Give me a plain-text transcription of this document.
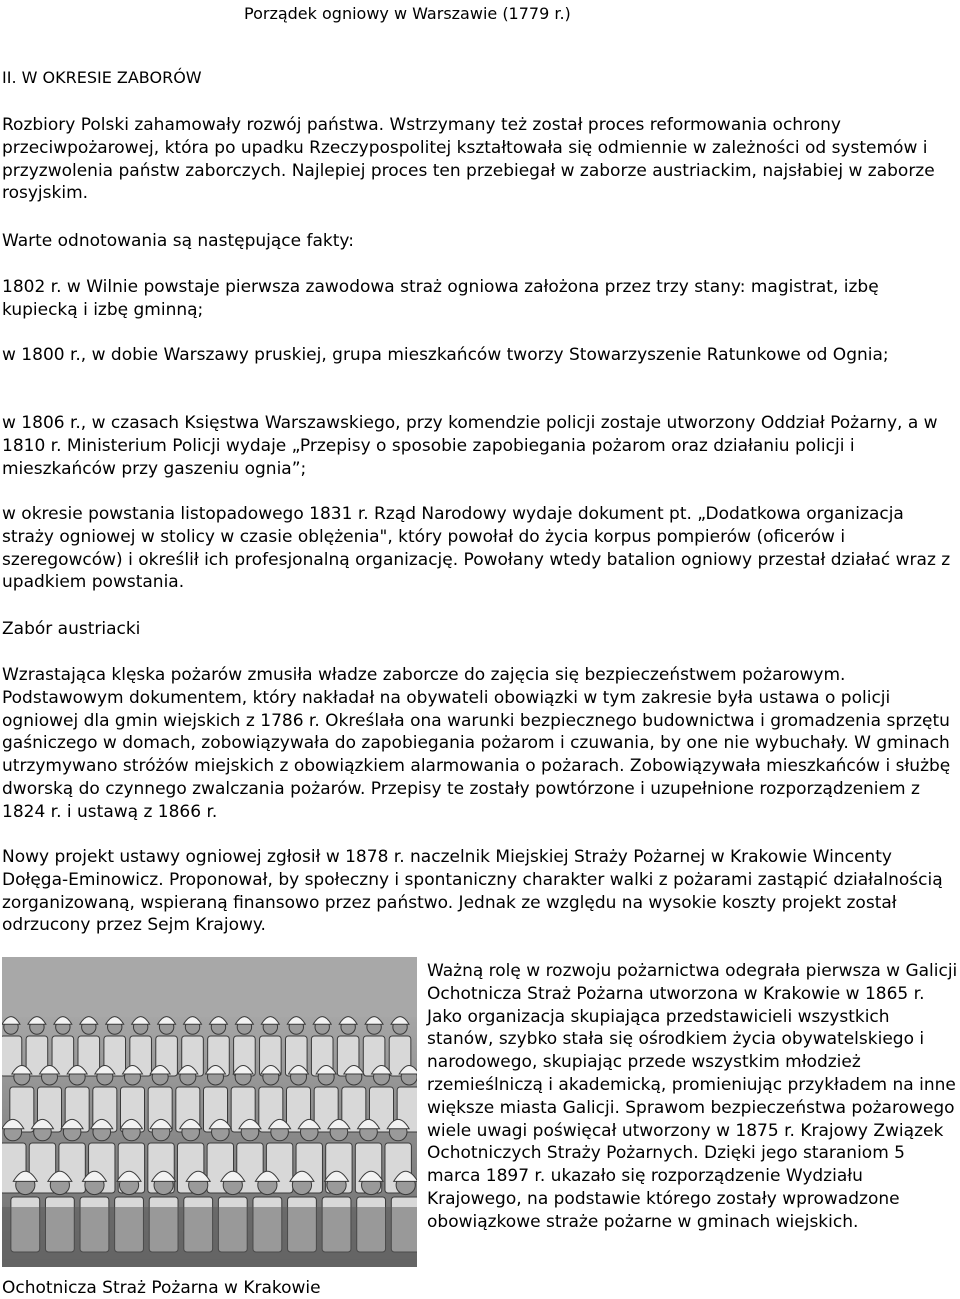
Porządek ogniowy w Warszawie (1779 r.)
II. W OKRESIE ZABORÓW
Rozbiory Polski zahamowały rozwój państwa. Wstrzymany też został proces reformowania ochrony przeciwpożarowej, która po upadku Rzeczypospolitej kształtowała się odmiennie w zależności od systemów i przyzwolenia państw zaborczych. Najlepiej proces ten przebiegał w zaborze austriackim, najsłabiej w zaborze rosyjskim.
Warte odnotowania są następujące fakty:
1802 r. w Wilnie powstaje pierwsza zawodowa straż ogniowa założona przez trzy stany: magistrat, izbę kupiecką i izbę gminną;
w 1800 r., w dobie Warszawy pruskiej, grupa mieszkańców tworzy Stowarzyszenie Ratunkowe od Ognia;
w 1806 r., w czasach Księstwa Warszawskiego, przy komendzie policji zostaje utworzony Oddział Pożarny, a w 1810 r. Ministerium Policji wydaje „Przepisy o sposobie zapobiegania pożarom oraz działaniu policji i mieszkańców przy gaszeniu ognia”;
w okresie powstania listopadowego 1831 r. Rząd Narodowy wydaje dokument pt. „Dodatkowa organizacja straży ogniowej w stolicy w czasie oblężenia", który powołał do życia korpus pompierów (oficerów i szeregowców) i określił ich profesjonalną organizację. Powołany wtedy batalion ogniowy przestał działać wraz z upadkiem powstania.
Zabór austriacki
Wzrastająca klęska pożarów zmusiła władze zaborcze do zajęcia się bezpieczeństwem pożarowym. Podstawowym dokumentem, który nakładał na obywateli obowiązki w tym zakresie była ustawa o policji ogniowej dla gmin wiejskich z 1786 r. Określała ona warunki bezpiecznego budownictwa i gromadzenia sprzętu gaśniczego w domach, zobowiązywała do zapobiegania pożarom i czuwania, by one nie wybuchały. W gminach utrzymywano stróżów miejskich z obowiązkiem alarmowania o pożarach. Zobowiązywała mieszkańców i służbę dworską do czynnego zwalczania pożarów. Przepisy te zostały powtórzone i uzupełnione rozporządzeniem z 1824 r. i ustawą z 1866 r.
Nowy projekt ustawy ogniowej zgłosił w 1878 r. naczelnik Miejskiej Straży Pożarnej w Krakowie Wincenty Dołęga-Eminowicz. Proponował, by społeczny i spontaniczny charakter walki z pożarami zastąpić działalnością zorganizowaną, wspieraną finansowo przez państwo. Jednak ze względu na wysokie koszty projekt został odrzucony przez Sejm Krajowy.
Ważną rolę w rozwoju pożarnictwa odegrała pierwsza w Galicji Ochotnicza Straż Pożarna utworzona w Krakowie w 1865 r. Jako organizacja skupiająca przedstawicieli wszystkich stanów, szybko stała się ośrodkiem życia obywatelskiego i narodowego, skupiając przede wszystkim młodzież rzemieślniczą i akademicką, promieniując przykładem na inne większe miasta Galicji. Sprawom bezpieczeństwa pożarowego wiele uwagi poświęcał utworzony w 1875 r. Krajowy Związek Ochotniczych Straży Pożarnych. Dzięki jego staraniom 5 marca 1897 r. ukazało się rozporządzenie Wydziału Krajowego, na podstawie którego zostały wprowadzone obowiązkowe straże pożarne w gminach wiejskich.
Ochotnicza Straż Pożarna w Krakowie
